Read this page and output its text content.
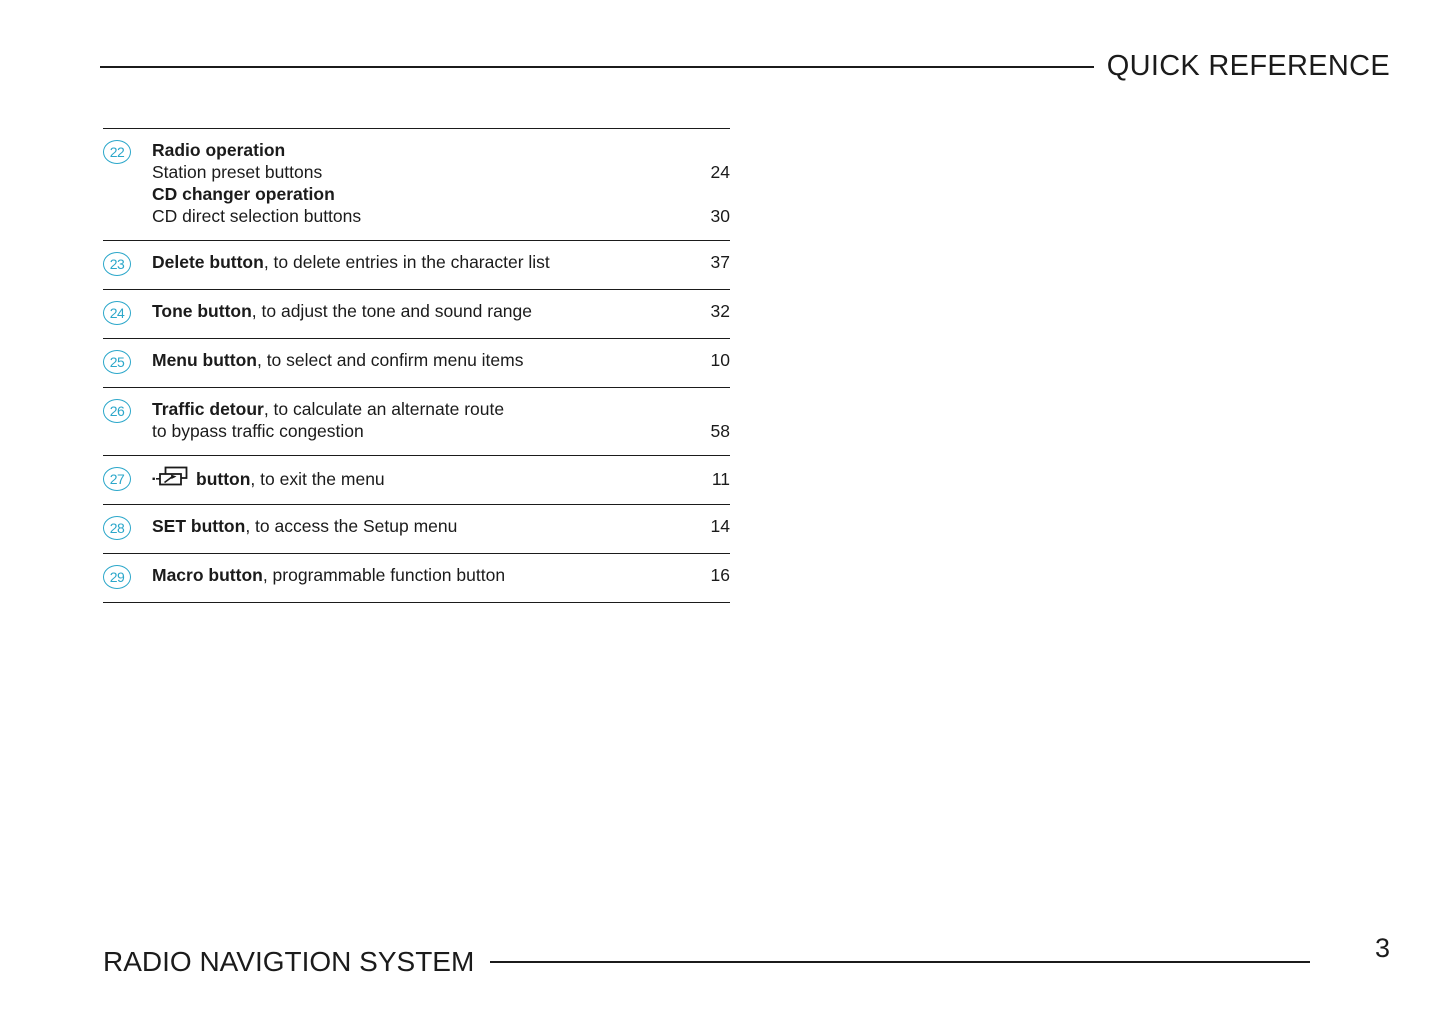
QUICK REFERENCE
22 Radio operation
Station preset buttons	24
CD changer operation
CD direct selection buttons	30
23 Delete button, to delete entries in the character list	37
24 Tone button, to adjust the tone and sound range	32
25 Menu button, to select and confirm menu items	10
26 Traffic detour, to calculate an alternate route
to bypass traffic congestion	58
27	button, to exit the menu	11
28 SET button, to access the Setup menu	14
29 Macro button, programmable function button	16
RADIO NAVIGTION SYSTEM	3
